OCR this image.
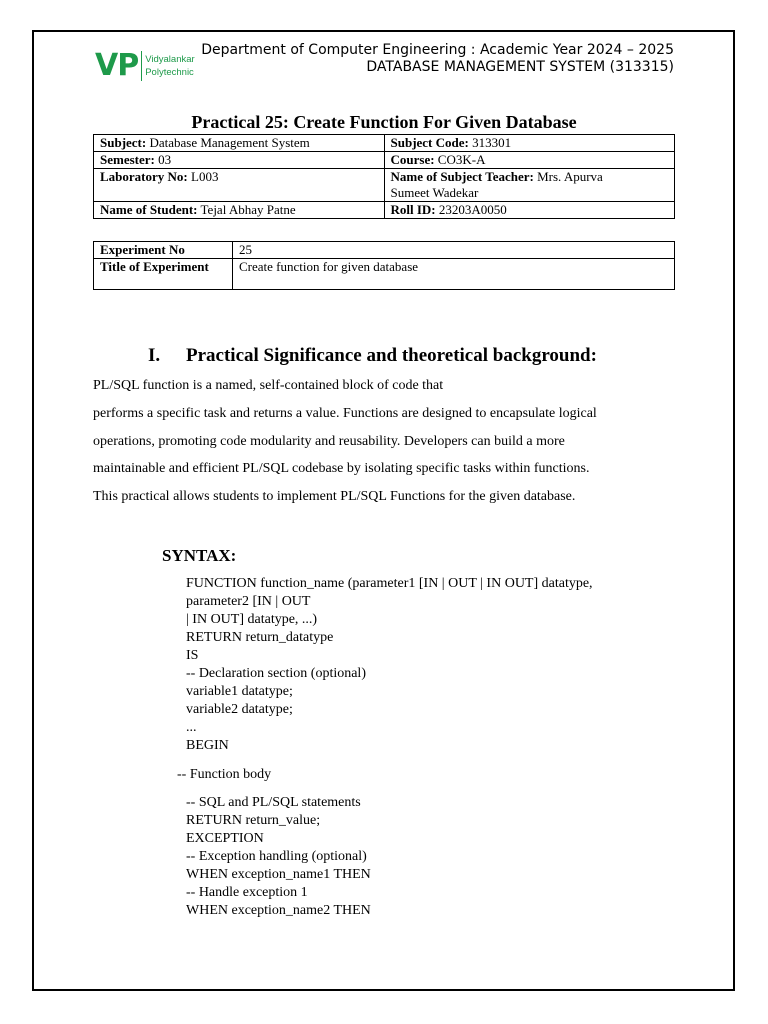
VP Vidyalankar
Polytechnic
Department of Computer Engineering : Academic Year 2024 – 2025
DATABASE MANAGEMENT SYSTEM (313315)
Practical 25: Create Function For Given Database
Subject: Database Management System	Subject Code: 313301
Semester: 03	Course: CO3K-A
Laboratory No: L003	Name of Subject Teacher: Mrs. Apurva
Sumeet Wadekar
Name of Student: Tejal Abhay Patne	Roll ID: 23203A0050
Experiment No	25
Title of Experiment	Create function for given database
I. Practical Significance and theoretical background:
PL/SQL function is a named, self-contained block of code that
performs a specific task and returns a value. Functions are designed to encapsulate logical
operations, promoting code modularity and reusability. Developers can build a more
maintainable and efficient PL/SQL codebase by isolating specific tasks within functions.
This practical allows students to implement PL/SQL Functions for the given database.
SYNTAX:
FUNCTION function_name (parameter1 [IN | OUT | IN OUT] datatype,
parameter2 [IN | OUT
| IN OUT] datatype, ...)
RETURN return_datatype
IS
-- Declaration section (optional)
variable1 datatype;
variable2 datatype;
...
BEGIN
-- Function body
-- SQL and PL/SQL statements
RETURN return_value;
EXCEPTION
-- Exception handling (optional)
WHEN exception_name1 THEN
-- Handle exception 1
WHEN exception_name2 THEN
